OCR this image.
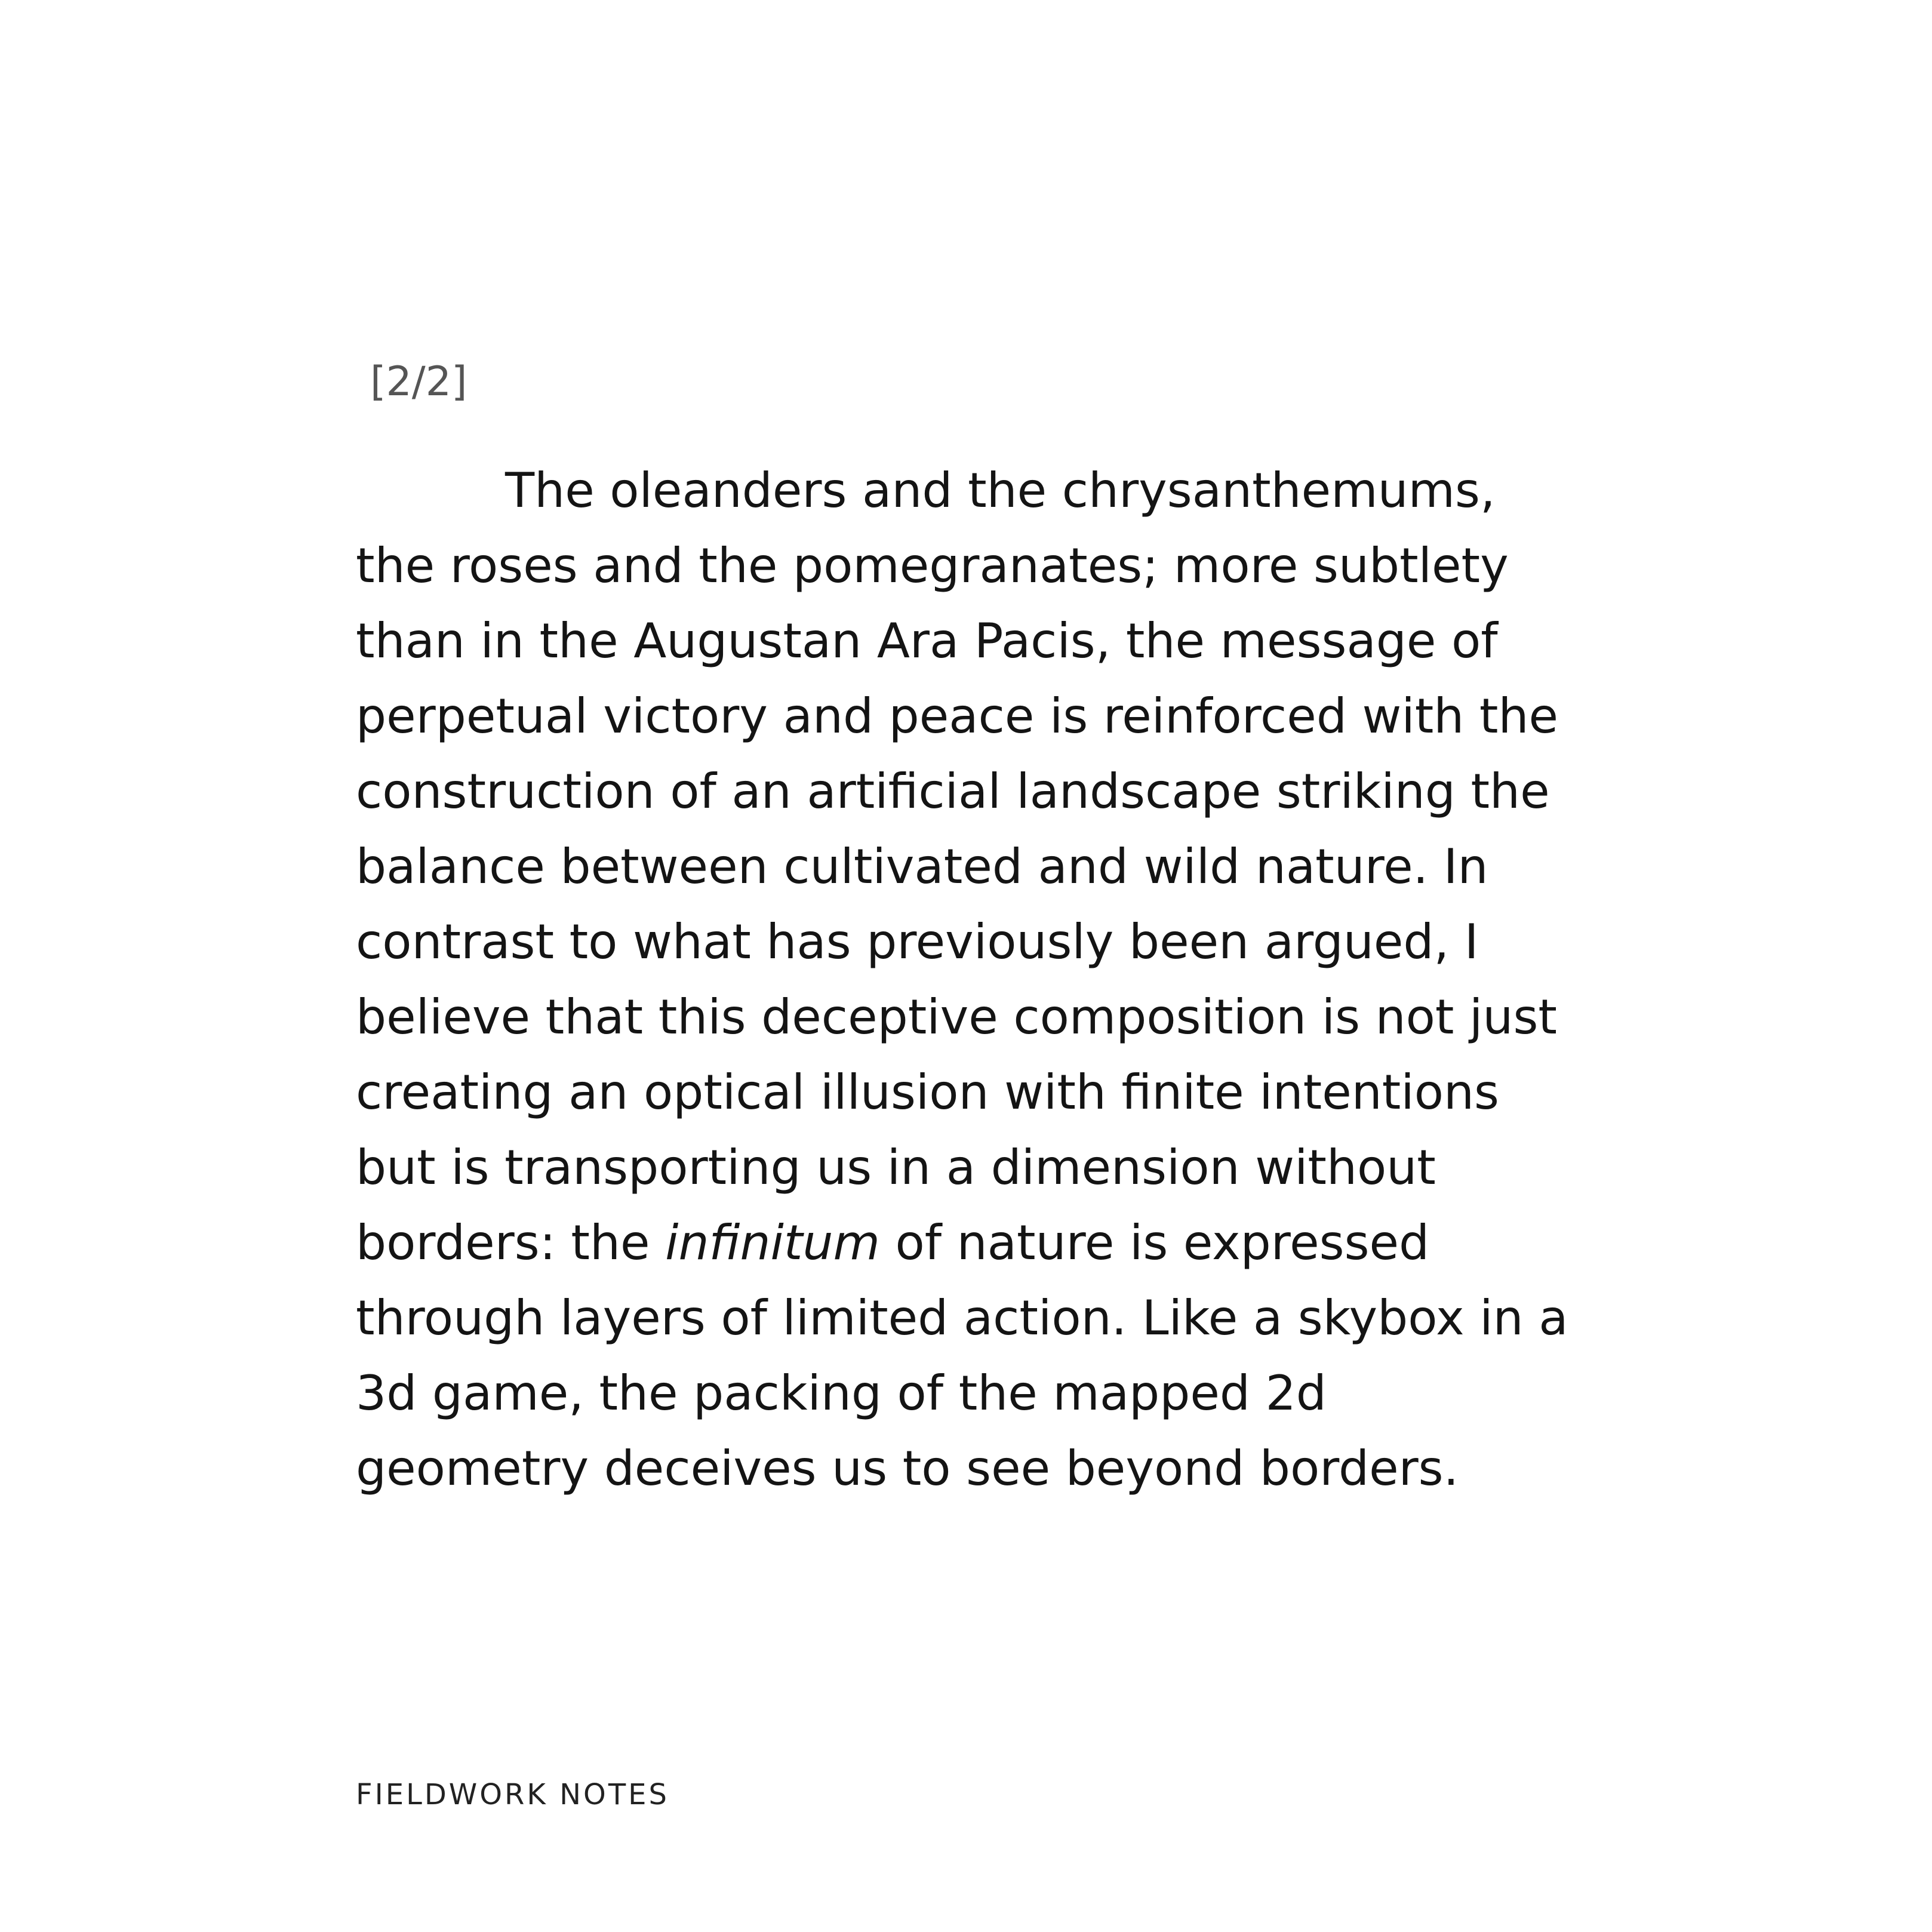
[2/2]
The oleanders and the chrysanthemums,
the roses and the pomegranates; more subtlety
than in the Augustan Ara Pacis, the message of
perpetual victory and peace is reinforced with the
construction of an artificial landscape striking the
balance between cultivated and wild nature. In
contrast to what has previously been argued, I
believe that this deceptive composition is not just
creating an optical illusion with finite intentions
but is transporting us in a dimension without
borders: the infinitum of nature is expressed
through layers of limited action. Like a skybox in a
3d game, the packing of the mapped 2d
geometry deceives us to see beyond borders.
FIELDWORK NOTES
